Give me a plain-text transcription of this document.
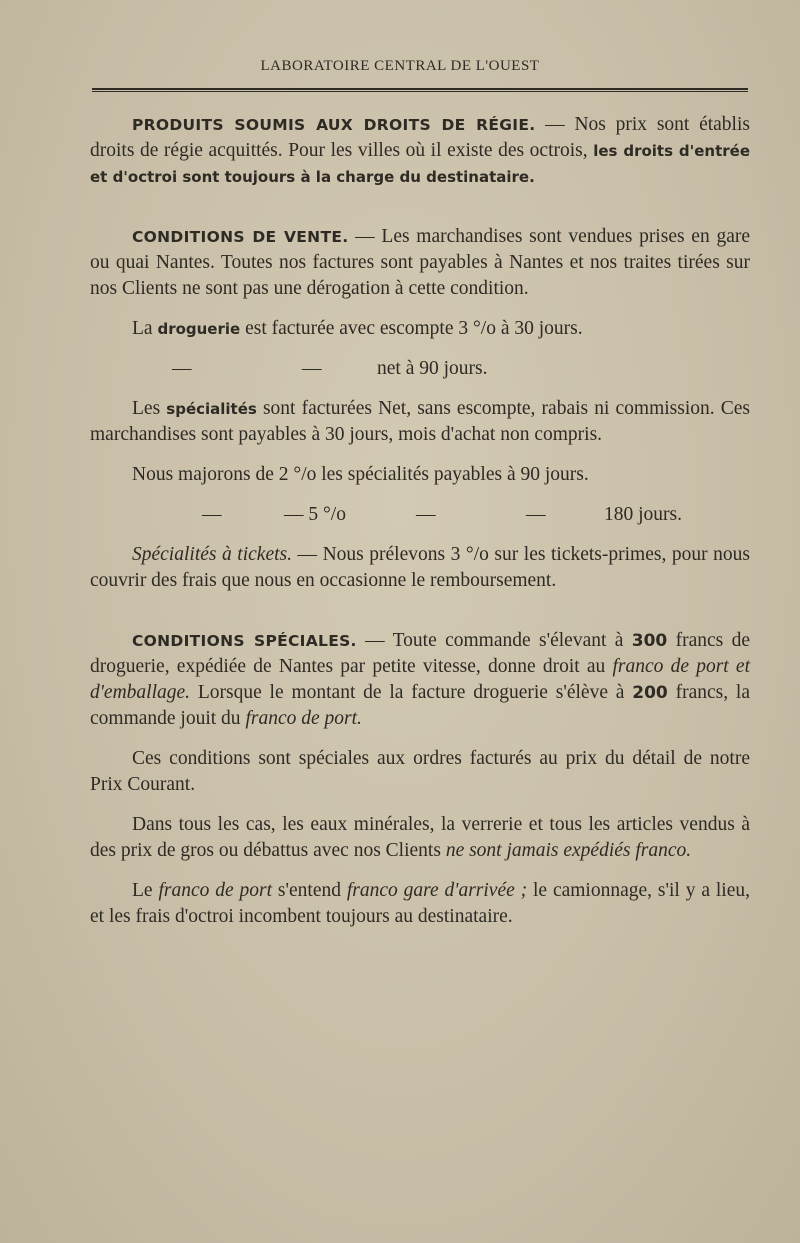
LABORATOIRE CENTRAL DE L'OUEST

PRODUITS SOUMIS AUX DROITS DE RÉGIE. — Nos prix sont établis droits de régie acquittés. Pour les villes où il existe des octrois, les droits d'entrée et d'octroi sont toujours à la charge du destinataire.

CONDITIONS DE VENTE. — Les marchandises sont vendues prises en gare ou quai Nantes. Toutes nos factures sont payables à Nantes et nos traites tirées sur nos Clients ne sont pas une dérogation à cette condition.

La droguerie est facturée avec escompte 3 °/o à 30 jours.

—	—	net à 90 jours.

Les spécialités sont facturées Net, sans escompte, rabais ni commission. Ces marchandises sont payables à 30 jours, mois d'achat non compris.

Nous majorons de 2 °/o les spécialités payables à 90 jours.

—	— 5 °/o	—	—	180 jours.

Spécialités à tickets. — Nous prélevons 3 °/o sur les tickets-primes, pour nous couvrir des frais que nous en occasionne le remboursement.

CONDITIONS SPÉCIALES. — Toute commande s'élevant à 300 francs de droguerie, expédiée de Nantes par petite vitesse, donne droit au franco de port et d'emballage. Lorsque le montant de la facture droguerie s'élève à 200 francs, la commande jouit du franco de port.

Ces conditions sont spéciales aux ordres facturés au prix du détail de notre Prix Courant.

Dans tous les cas, les eaux minérales, la verrerie et tous les articles vendus à des prix de gros ou débattus avec nos Clients ne sont jamais expédiés franco.

Le franco de port s'entend franco gare d'arrivée ; le camionnage, s'il y a lieu, et les frais d'octroi incombent toujours au destinataire.
